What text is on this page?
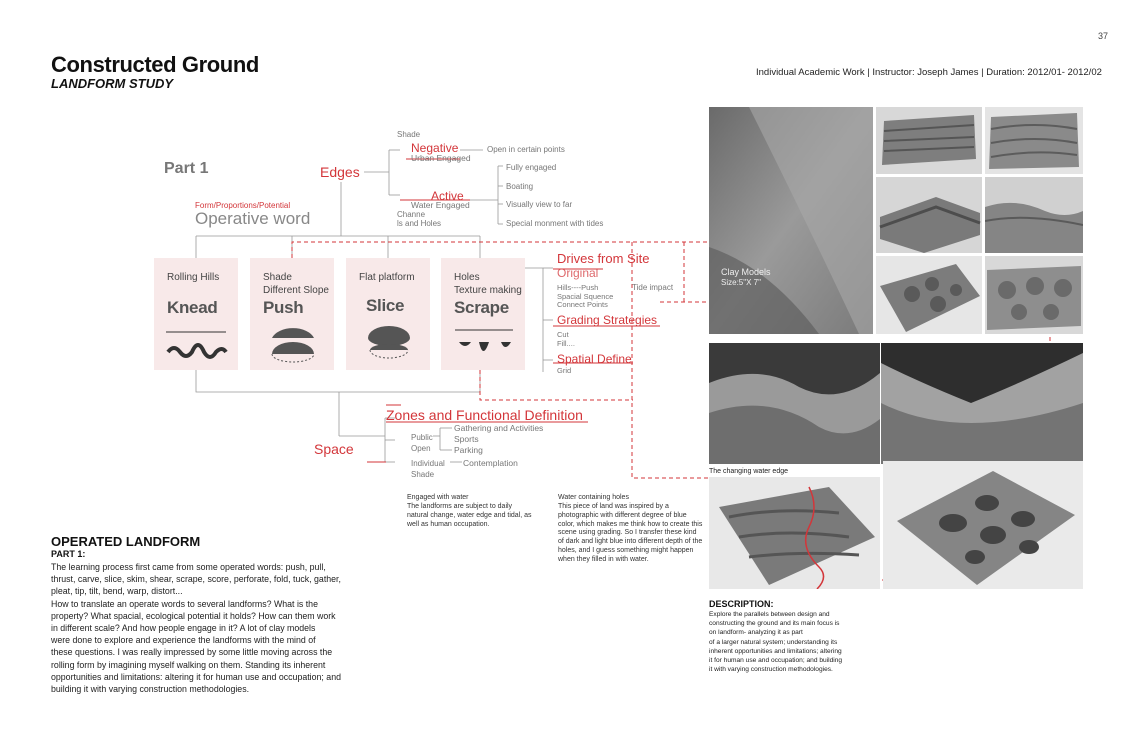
37
Constructed Ground
LANDFORM STUDY
Individual Academic Work | Instructor: Joseph James | Duration: 2012/01- 2012/02
Part 1
Form/Proportions/Potential
Operative word
Edges
Shade
Negative
Urban Engaged
Active
Water Engaged
Channe
ls and Holes
Open in certain points
Fully engaged
Boating
Visually view to far
Special monment with tides
Rolling Hills
Knead
Shade
Different Slope
Push
Flat platform
Slice
Holes
Texture making
Scrape
Drives from Site
Original
Hills----Push
Spacial Squence
Connect Points
Tide impact
Grading Strategies
Cut
Fill....
Spatial Define
Grid
Zones and Functional Definition
Space
Public
Open
Individual
Shade
Gathering and Activities
Sports
Parking
Contemplation
Engaged with water
The landforms are subject to daily natural change, water edge and tidal, as well as human occupation.
Water containing holes
This piece of land was inspired by a photographic with different degree of blue color, which makes me think how to create this scene using grading. So I transfer these kind of dark and light blue into different depth of the holes, and I guess something might happen when they filled in with water.
Clay Models
Size:5"X 7"
The changing water edge
OPERATED LANDFORM
PART 1:
The learning process first came from some operated words: push, pull,
thrust, carve, slice, skim, shear, scrape, score, perforate, fold, tuck, gather,
pleat, tip, tilt, bend, warp, distort...
How to translate an operate words to several landforms? What is the
property? What spacial, ecological potential it holds? How can them work
in different scale? And how people engage in it? A lot of clay models
were done to explore and experience the landforms with the mind of
these questions. I was really impressed by some little moving across the
rolling form by imagining myself walking on them. Standing its inherent
opportunities and limitations: altering it for human use and occupation; and
building it with varying construction methodologies.
DESCRIPTION:
Explore the parallels between design and
constructing the ground and its main focus is
on landform- analyzing it as part
of a larger natural system; understanding its
inherent opportunities and limitations; altering
it for human use and occupation; and building
it with varying construction methodologies.
